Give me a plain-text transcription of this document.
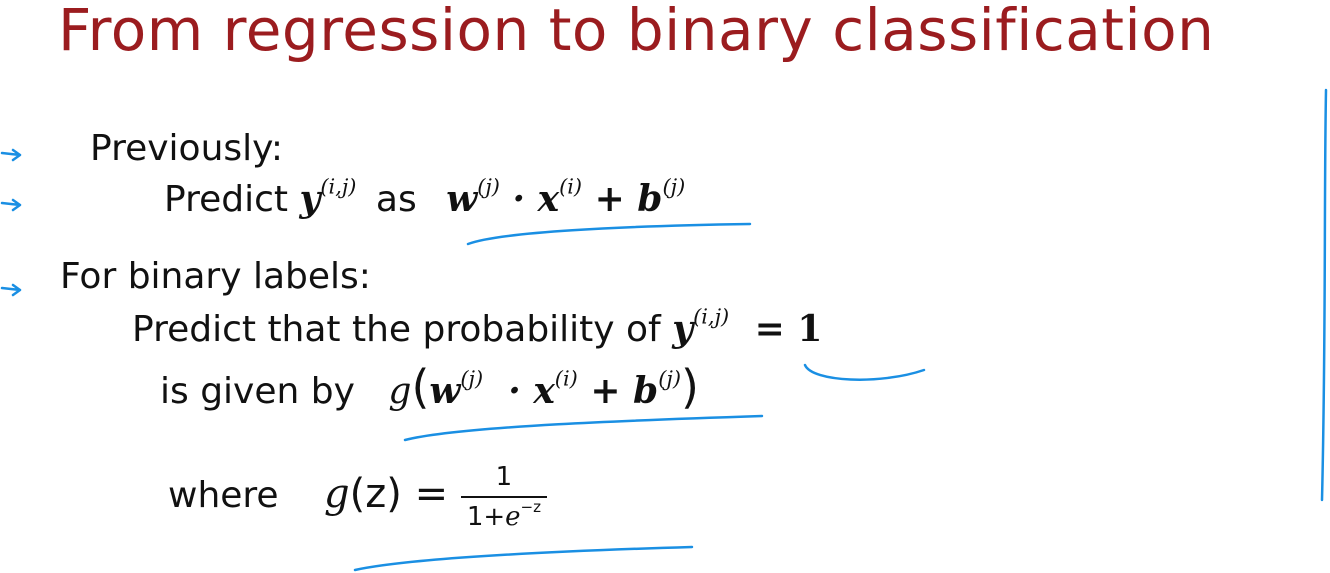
From regression to binary classification
Previously:
Predict $y^{(i,j)}$ as $w^{(j)} \cdot x^{(i)} + b^{(j)}$
For binary labels:
Predict that the probability of $y^{(i,j)} = 1$
is given by $g(w^{(j)} \cdot x^{(i)} + b^{(j)})$
where $g(z) = \frac{1}{1+e^{-z}}$
